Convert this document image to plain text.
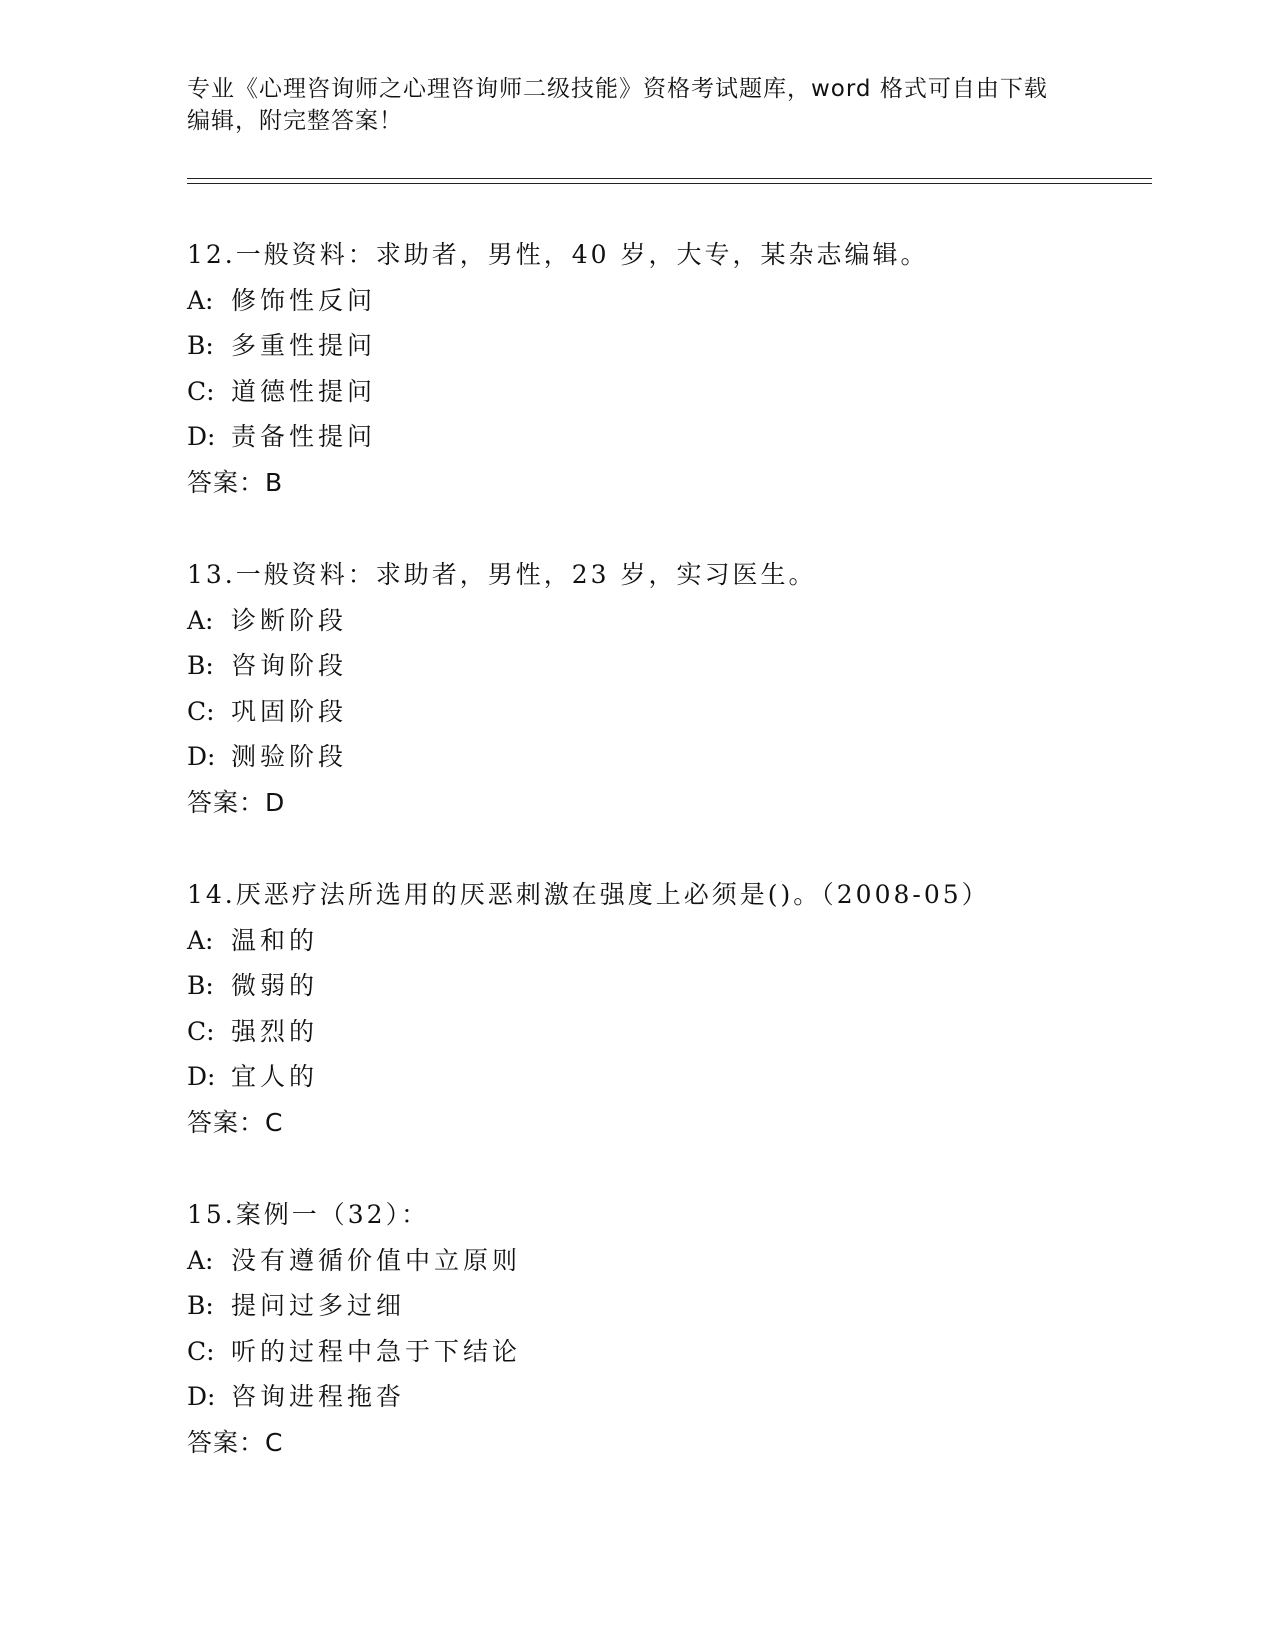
专业《心理咨询师之心理咨询师二级技能》资格考试题库，word 格式可自由下载
编辑，附完整答案！
12.一般资料：求助者，男性，40 岁，大专，某杂志编辑。
A: 修饰性反问
B: 多重性提问
C: 道德性提问
D: 责备性提问
答案：B
13.一般资料：求助者，男性，23 岁，实习医生。
A: 诊断阶段
B: 咨询阶段
C: 巩固阶段
D: 测验阶段
答案：D
14.厌恶疗法所选用的厌恶刺激在强度上必须是()。（2008-05）
A: 温和的
B: 微弱的
C: 强烈的
D: 宜人的
答案：C
15.案例一（32）：
A: 没有遵循价值中立原则
B: 提问过多过细
C: 听的过程中急于下结论
D: 咨询进程拖沓
答案：C
